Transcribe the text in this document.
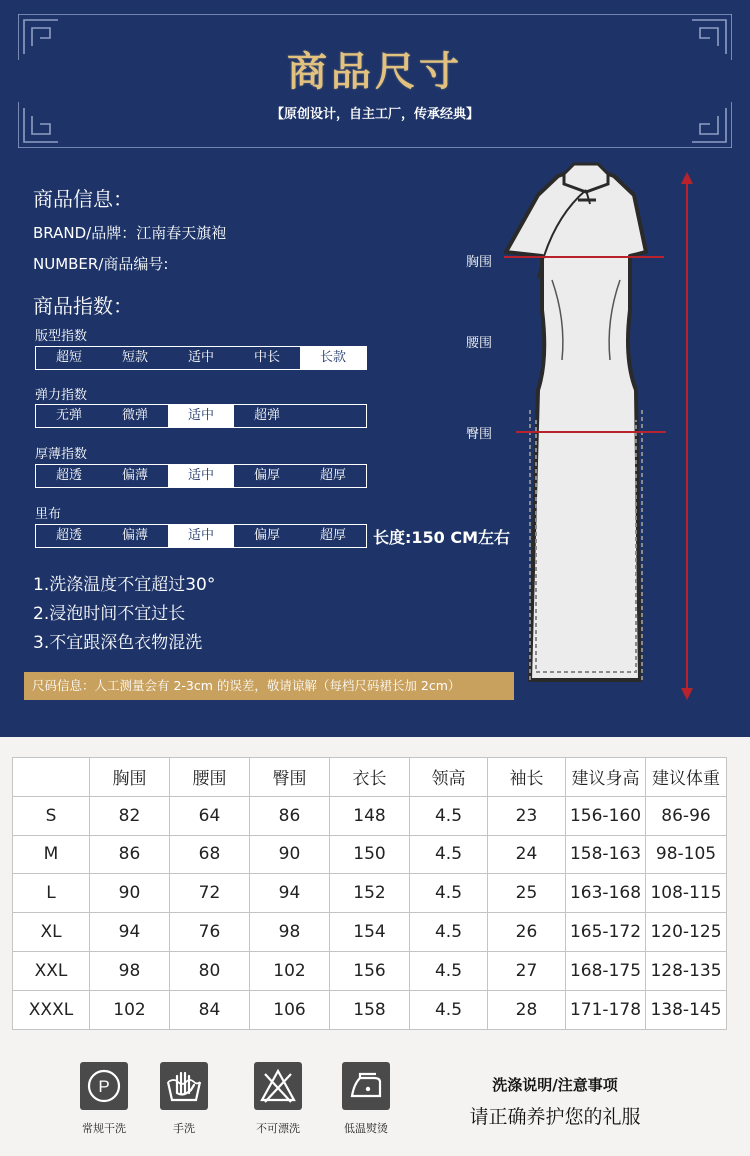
商品尺寸
【原创设计，自主工厂，传承经典】
商品信息：
BRAND/品牌：江南春天旗袍
NUMBER/商品编号:
商品指数：
版型指数
超短	短款	适中	中长	长款
弹力指数
无弹	微弹	适中	超弹
厚薄指数
超透	偏薄	适中	偏厚	超厚
里布
超透	偏薄	适中	偏厚	超厚	长度:150 CM左右
1.洗涤温度不宜超过30°
2.浸泡时间不宜过长
3.不宜跟深色衣物混洗
尺码信息：人工测量会有 2-3cm 的误差，敬请谅解（每档尺码裙长加 2cm）
胸围
腰围
臀围
	胸围	腰围	臀围	衣长	领高	袖长	建议身高	建议体重
S	82	64	86	148	4.5	23	156-160	86-96
M	86	68	90	150	4.5	24	158-163	98-105
L	90	72	94	152	4.5	25	163-168	108-115
XL	94	76	98	154	4.5	26	165-172	120-125
XXL	98	80	102	156	4.5	27	168-175	128-135
XXXL	102	84	106	158	4.5	28	171-178	138-145
P
常规干洗	手洗	不可漂洗	低温熨烫
洗涤说明/注意事项
请正确养护您的礼服
